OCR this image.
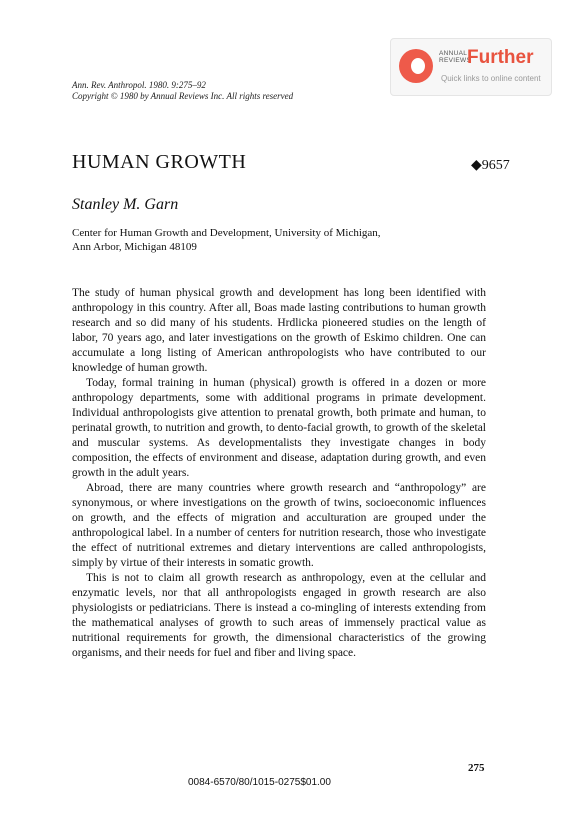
Ann. Rev. Anthropol. 1980. 9:275–92
Copyright © 1980 by Annual Reviews Inc. All rights reserved
ANNUAL
REVIEWS
Further
Quick links to online content
HUMAN GROWTH	◆9657
Stanley M. Garn
Center for Human Growth and Development, University of Michigan,
Ann Arbor, Michigan 48109

The study of human physical growth and development has long been identified with anthropology in this country. After all, Boas made lasting contributions to human growth research and so did many of his students. Hrdlicka pioneered studies on the length of labor, 70 years ago, and later investigations on the growth of Eskimo children. One can accumulate a long listing of American anthropologists who have contributed to our knowledge of human growth.

Today, formal training in human (physical) growth is offered in a dozen or more anthropology departments, some with additional programs in primate development. Individual anthropologists give attention to prenatal growth, both primate and human, to perinatal growth, to nutrition and growth, to dento-facial growth, to growth of the skeletal and muscular systems. As developmentalists they investigate changes in body composition, the effects of environment and disease, adaptation during growth, and even growth in the adult years.

Abroad, there are many countries where growth research and “anthropology” are synonymous, or where investigations on the growth of twins, socioeconomic influences on growth, and the effects of migration and acculturation are grouped under the anthropological label. In a number of centers for nutrition research, those who investigate the effect of nutritional extremes and dietary interventions are called anthropologists, simply by virtue of their interests in somatic growth.

This is not to claim all growth research as anthropology, even at the cellular and enzymatic levels, nor that all anthropologists engaged in growth research are also physiologists or pediatricians. There is instead a co-mingling of interests extending from the mathematical analyses of growth to such areas of immensely practical value as nutritional requirements for growth, the dimensional characteristics of the growing organisms, and their needs for fuel and fiber and living space.

275
0084-6570/80/1015-0275$01.00
